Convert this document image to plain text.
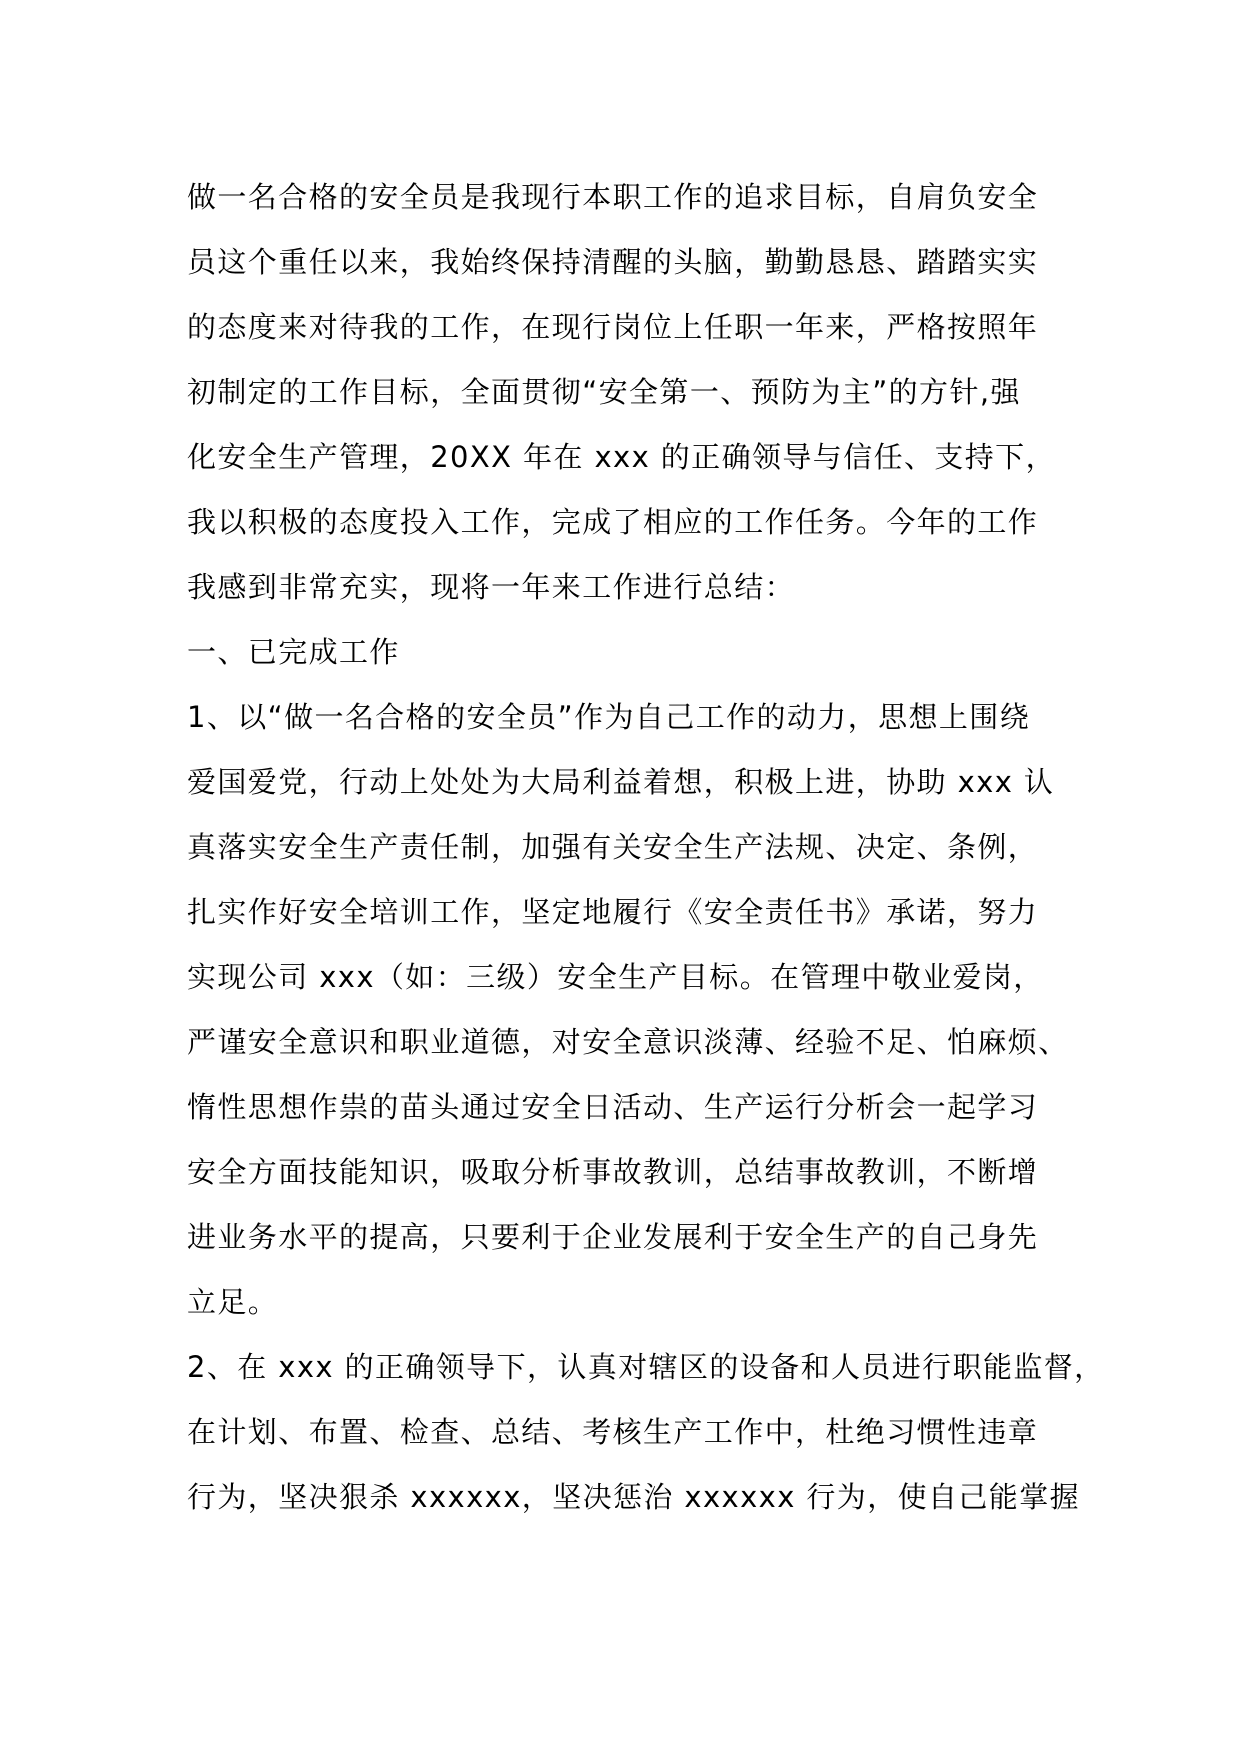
做一名合格的安全员是我现行本职工作的追求目标，自肩负安全
员这个重任以来，我始终保持清醒的头脑，勤勤恳恳、踏踏实实
的态度来对待我的工作，在现行岗位上任职一年来，严格按照年
初制定的工作目标，全面贯彻“安全第一、预防为主”的方针,强
化安全生产管理，20XX 年在 xxx 的正确领导与信任、支持下，
我以积极的态度投入工作，完成了相应的工作任务。今年的工作
我感到非常充实，现将一年来工作进行总结：
一、已完成工作
1、以“做一名合格的安全员”作为自己工作的动力，思想上围绕
爱国爱党，行动上处处为大局利益着想，积极上进，协助 xxx 认
真落实安全生产责任制，加强有关安全生产法规、决定、条例，
扎实作好安全培训工作，坚定地履行《安全责任书》承诺，努力
实现公司 xxx（如：三级）安全生产目标。在管理中敬业爱岗，
严谨安全意识和职业道德，对安全意识淡薄、经验不足、怕麻烦、
惰性思想作祟的苗头通过安全日活动、生产运行分析会一起学习
安全方面技能知识，吸取分析事故教训，总结事故教训，不断增
进业务水平的提高，只要利于企业发展利于安全生产的自己身先
立足。
2、在 xxx 的正确领导下，认真对辖区的设备和人员进行职能监督，
在计划、布置、检查、总结、考核生产工作中，杜绝习惯性违章
行为，坚决狠杀 xxxxxx，坚决惩治 xxxxxx 行为，使自己能掌握
